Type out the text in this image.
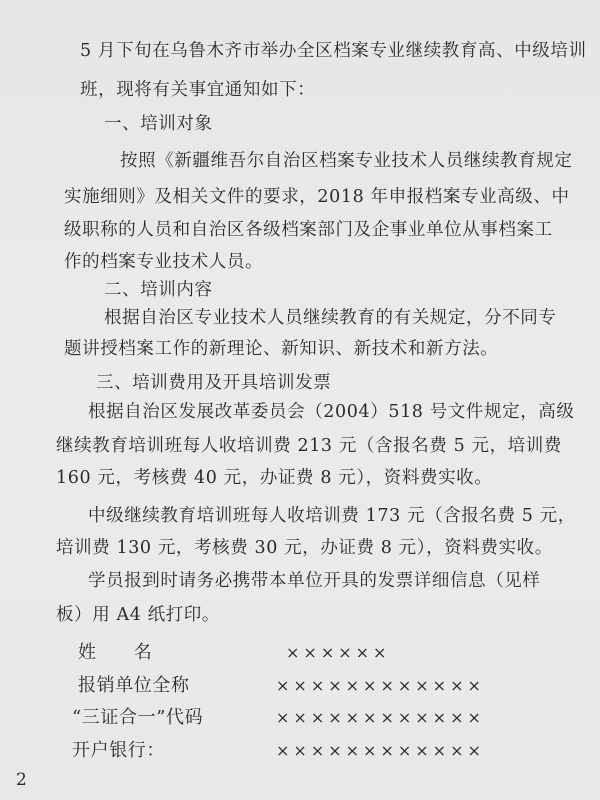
5 月下旬在乌鲁木齐市举办全区档案专业继续教育高、中级培训
班，现将有关事宜通知如下：
一、培训对象
按照《新疆维吾尔自治区档案专业技术人员继续教育规定
实施细则》及相关文件的要求，2018 年申报档案专业高级、中
级职称的人员和自治区各级档案部门及企事业单位从事档案工
作的档案专业技术人员。
二、培训内容
根据自治区专业技术人员继续教育的有关规定，分不同专
题讲授档案工作的新理论、新知识、新技术和新方法。
三、培训费用及开具培训发票
根据自治区发展改革委员会（2004）518 号文件规定，高级
继续教育培训班每人收培训费 213 元（含报名费 5 元，培训费
160 元，考核费 40 元，办证费 8 元），资料费实收。
中级继续教育培训班每人收培训费 173 元（含报名费 5 元，
培训费 130 元，考核费 30 元，办证费 8 元），资料费实收。
学员报到时请务必携带本单位开具的发票详细信息（见样
板）用 A4 纸打印。
姓　　名	××××××
报销单位全称	××××××××××××
“三证合一”代码	××××××××××××
开户银行：	××××××××××××
2
